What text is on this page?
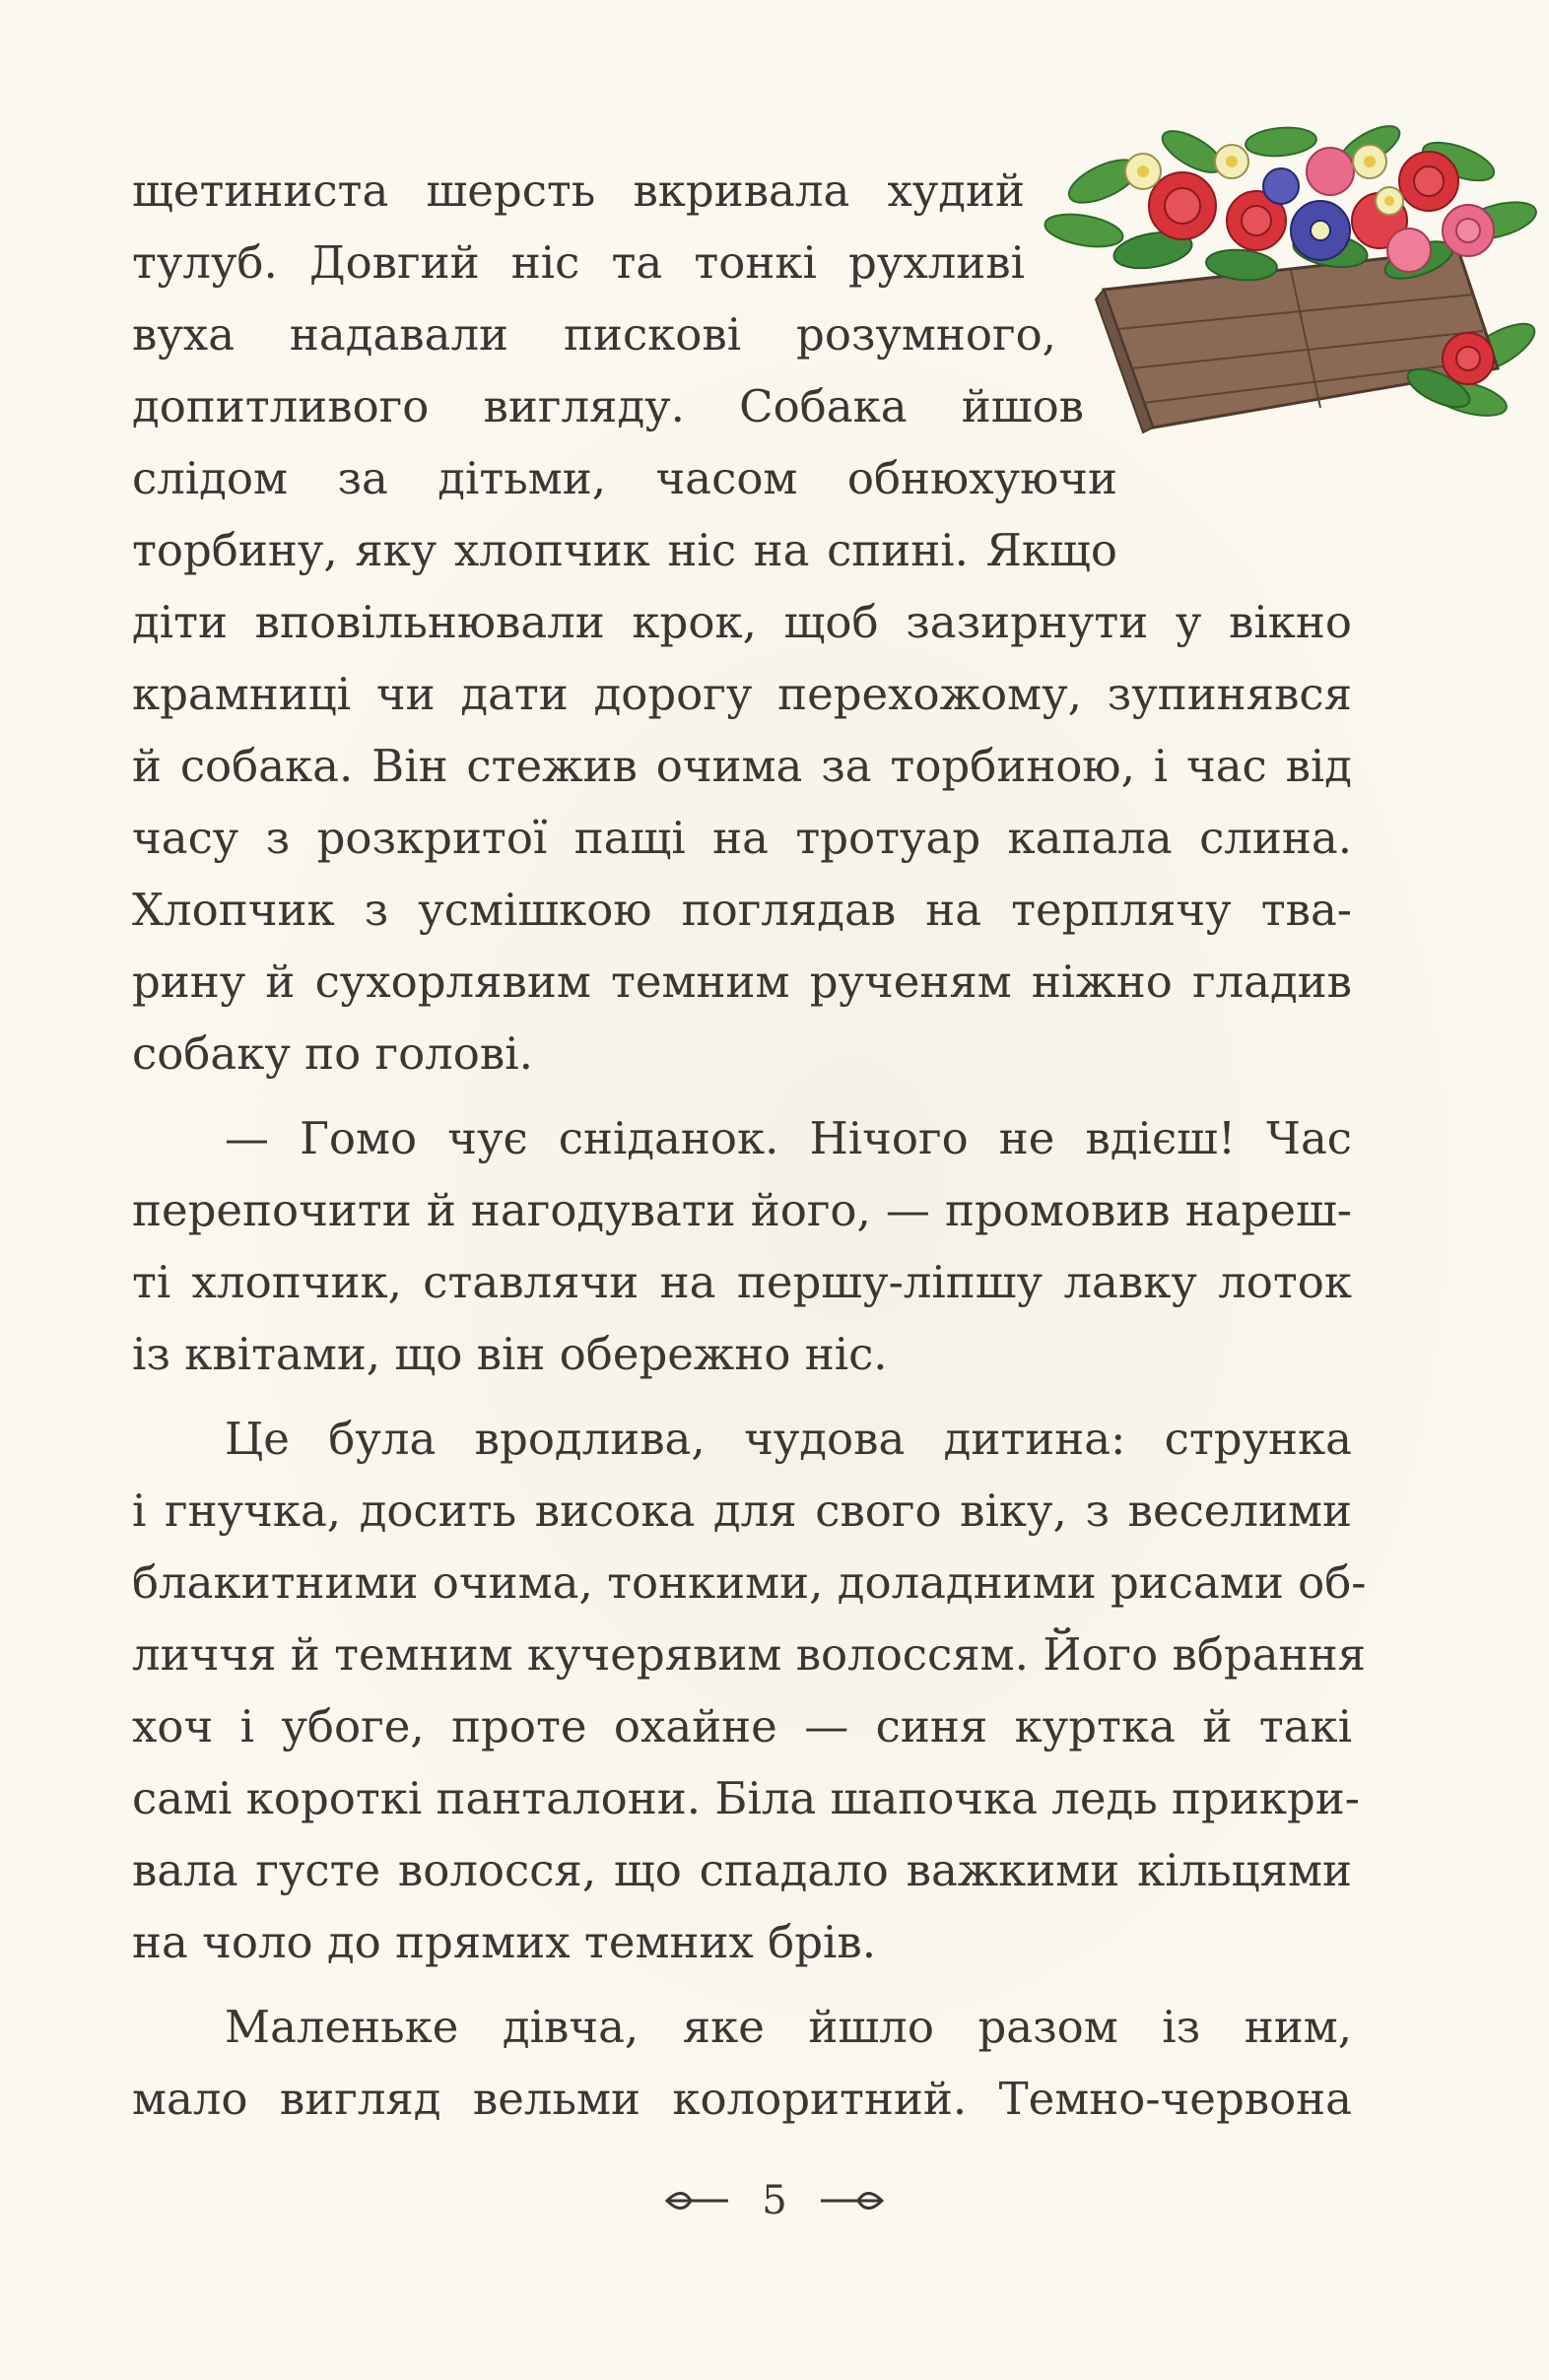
щетиниста шерсть вкривала худий
тулуб. Довгий ніс та тонкі рухливі
вуха надавали пискові розумного,
допитливого вигляду. Собака йшов
слідом за дітьми, часом обнюхуючи
торбину, яку хлопчик ніс на спині. Якщо
діти вповільнювали крок, щоб зазирнути у вікно
крамниці чи дати дорогу перехожому, зупинявся
й собака. Він стежив очима за торбиною, і час від
часу з розкритої пащі на тротуар капала слина.
Хлопчик з усмішкою поглядав на терплячу тва-
рину й сухорлявим темним рученям ніжно гладив
собаку по голові.
— Гомо чує сніданок. Нічого не вдієш! Час
перепочити й нагодувати його, — промовив нареш-
ті хлопчик, ставлячи на першу-ліпшу лавку лоток
із квітами, що він обережно ніс.
Це була вродлива, чудова дитина: струнка
і гнучка, досить висока для свого віку, з веселими
блакитними очима, тонкими, доладними рисами об-
личчя й темним кучерявим волоссям. Його вбрання
хоч і убоге, проте охайне — синя куртка й такі
самі короткі панталони. Біла шапочка ледь прикри-
вала густе волосся, що спадало важкими кільцями
на чоло до прямих темних брів.
Маленьке дівча, яке йшло разом із ним,
мало вигляд вельми колоритний. Темно-червона
5
